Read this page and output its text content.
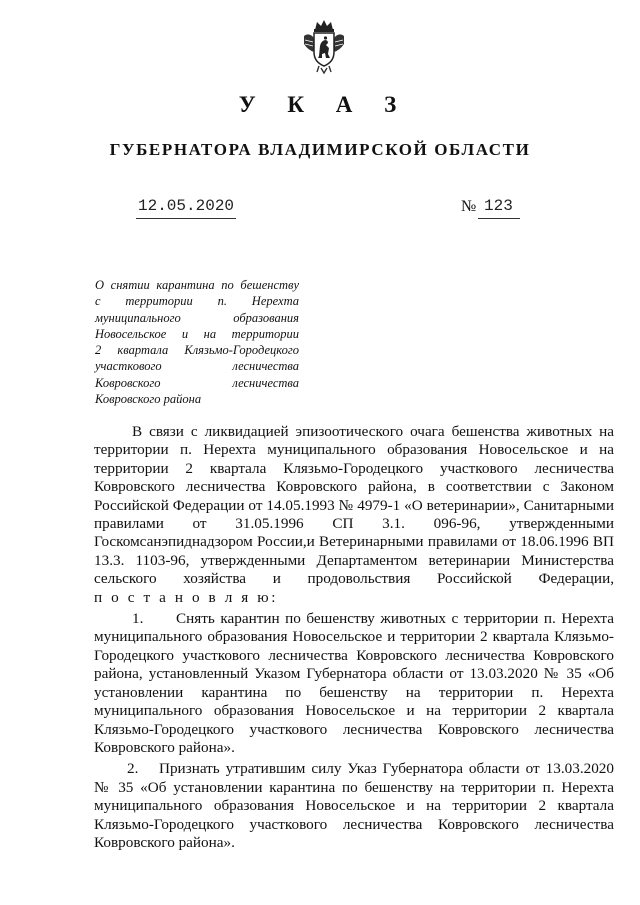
У К А З
ГУБЕРНАТОРА ВЛАДИМИРСКОЙ ОБЛАСТИ
12.05.2020	№ 123
О снятии карантина по бешенству
с территории п. Нерехта
муниципального образования
Новосельское и на территории
2 квартала Клязьмо-Городецкого
участкового лесничества
Ковровского лесничества
Ковровского района
В связи с ликвидацией эпизоотического очага бешенства животных на
территории п. Нерехта муниципального образования Новосельское и на
территории 2 квартала Клязьмо-Городецкого участкового лесничества
Ковровского лесничества Ковровского района, в соответствии с Законом
Российской Федерации от 14.05.1993 № 4979-1 «О ветеринарии», Санитарными
правилами от 31.05.1996 СП 3.1. 096-96, утвержденными
Госкомсанэпиднадзором России,и Ветеринарными правилами от 18.06.1996 ВП
13.3. 1103-96, утвержденными Департаментом ветеринарии Министерства
сельского хозяйства и продовольствия Российской Федерации,
п о с т а н о в л я ю:
1. Снять карантин по бешенству животных с территории п. Нерехта
муниципального образования Новосельское и территории 2 квартала Клязьмо-
Городецкого участкового лесничества Ковровского лесничества Ковровского
района, установленный Указом Губернатора области от 13.03.2020 № 35 «Об
установлении карантина по бешенству на территории п. Нерехта
муниципального образования Новосельское и на территории 2 квартала
Клязьмо-Городецкого участкового лесничества Ковровского лесничества
Ковровского района».
2. Признать утратившим силу Указ Губернатора области от 13.03.2020
№ 35 «Об установлении карантина по бешенству на территории п. Нерехта
муниципального образования Новосельское и на территории 2 квартала
Клязьмо-Городецкого участкового лесничества Ковровского лесничества
Ковровского района».
